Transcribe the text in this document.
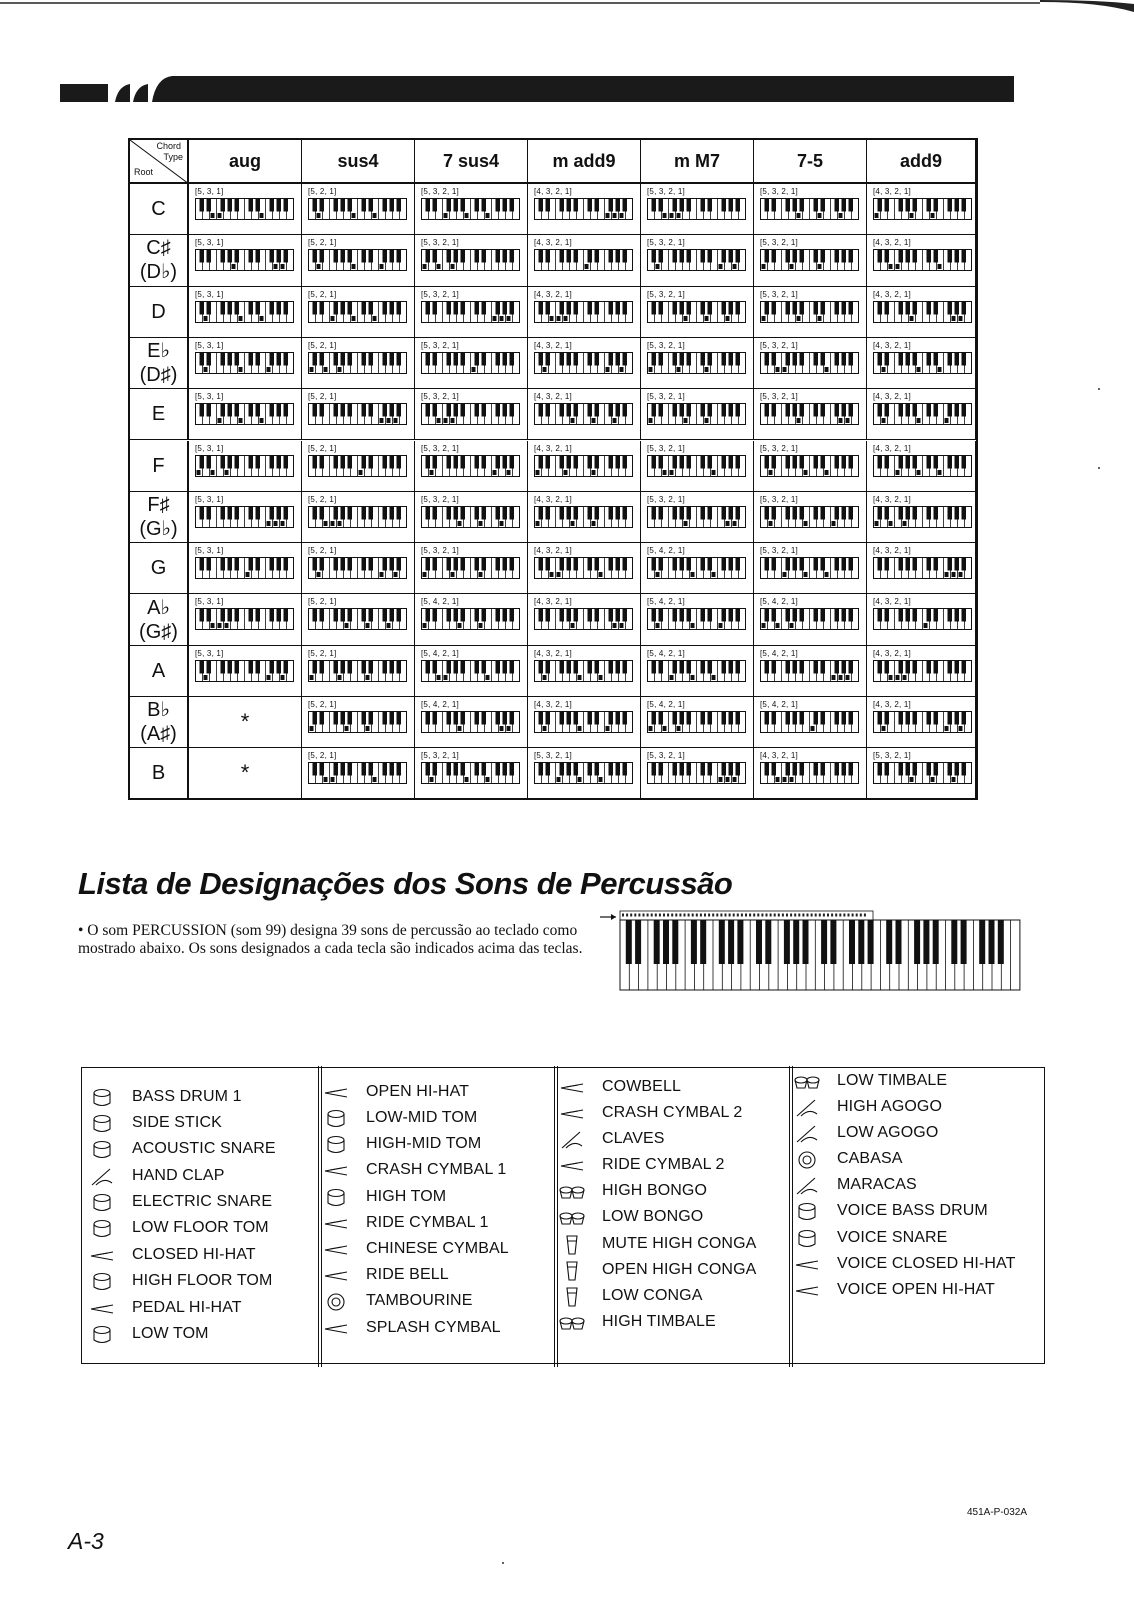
Chord
Type
Root
aug	sus4	7 sus4	m add9	m M7	7-5	add9
C
[5, 3, 1]	[5, 2, 1]	[5, 3, 2, 1]	[4, 3, 2, 1]	[5, 3, 2, 1]	[5, 3, 2, 1]	[4, 3, 2, 1]
C♯
(D♭)
[5, 3, 1]	[5, 2, 1]	[5, 3, 2, 1]	[4, 3, 2, 1]	[5, 3, 2, 1]	[5, 3, 2, 1]	[4, 3, 2, 1]
D
[5, 3, 1]	[5, 2, 1]	[5, 3, 2, 1]	[4, 3, 2, 1]	[5, 3, 2, 1]	[5, 3, 2, 1]	[4, 3, 2, 1]
E♭
(D♯)
[5, 3, 1]	[5, 2, 1]	[5, 3, 2, 1]	[4, 3, 2, 1]	[5, 3, 2, 1]	[5, 3, 2, 1]	[4, 3, 2, 1]
E
[5, 3, 1]	[5, 2, 1]	[5, 3, 2, 1]	[4, 3, 2, 1]	[5, 3, 2, 1]	[5, 3, 2, 1]	[4, 3, 2, 1]
F
[5, 3, 1]	[5, 2, 1]	[5, 3, 2, 1]	[4, 3, 2, 1]	[5, 3, 2, 1]	[5, 3, 2, 1]	[4, 3, 2, 1]
F♯
(G♭)
[5, 3, 1]	[5, 2, 1]	[5, 3, 2, 1]	[4, 3, 2, 1]	[5, 3, 2, 1]	[5, 3, 2, 1]	[4, 3, 2, 1]
G
[5, 3, 1]	[5, 2, 1]	[5, 3, 2, 1]	[4, 3, 2, 1]	[5, 4, 2, 1]	[5, 3, 2, 1]	[4, 3, 2, 1]
A♭
(G♯)
[5, 3, 1]	[5, 2, 1]	[5, 4, 2, 1]	[4, 3, 2, 1]	[5, 4, 2, 1]	[5, 4, 2, 1]	[4, 3, 2, 1]
A
[5, 3, 1]	[5, 2, 1]	[5, 4, 2, 1]	[4, 3, 2, 1]	[5, 4, 2, 1]	[5, 4, 2, 1]	[4, 3, 2, 1]
B♭
(A♯)
*
[5, 2, 1]	[5, 4, 2, 1]	[4, 3, 2, 1]	[5, 4, 2, 1]	[5, 4, 2, 1]	[4, 3, 2, 1]
B	*
[5, 2, 1]	[5, 3, 2, 1]	[5, 3, 2, 1]	[5, 3, 2, 1]	[4, 3, 2, 1]	[5, 3, 2, 1]
Lista de Designações dos Sons de Percussão
• O som PERCUSSION (som 99) designa 39 sons de percussão ao teclado como mostrado abaixo. Os sons designados a cada tecla são indicados acima das teclas.
BASS DRUM 1
SIDE STICK
ACOUSTIC SNARE
HAND CLAP
ELECTRIC SNARE
LOW FLOOR TOM
CLOSED HI-HAT
HIGH FLOOR TOM
PEDAL HI-HAT
LOW TOM
OPEN HI-HAT
LOW-MID TOM
HIGH-MID TOM
CRASH CYMBAL 1
HIGH TOM
RIDE CYMBAL 1
CHINESE CYMBAL
RIDE BELL
TAMBOURINE
SPLASH CYMBAL
COWBELL
CRASH CYMBAL 2
CLAVES
RIDE CYMBAL 2
HIGH BONGO
LOW BONGO
MUTE HIGH CONGA
OPEN HIGH CONGA
LOW CONGA
HIGH TIMBALE
LOW TIMBALE
HIGH AGOGO
LOW AGOGO
CABASA
MARACAS
VOICE BASS DRUM
VOICE SNARE
VOICE CLOSED HI-HAT
VOICE OPEN HI-HAT
A-3
451A-P-032A
